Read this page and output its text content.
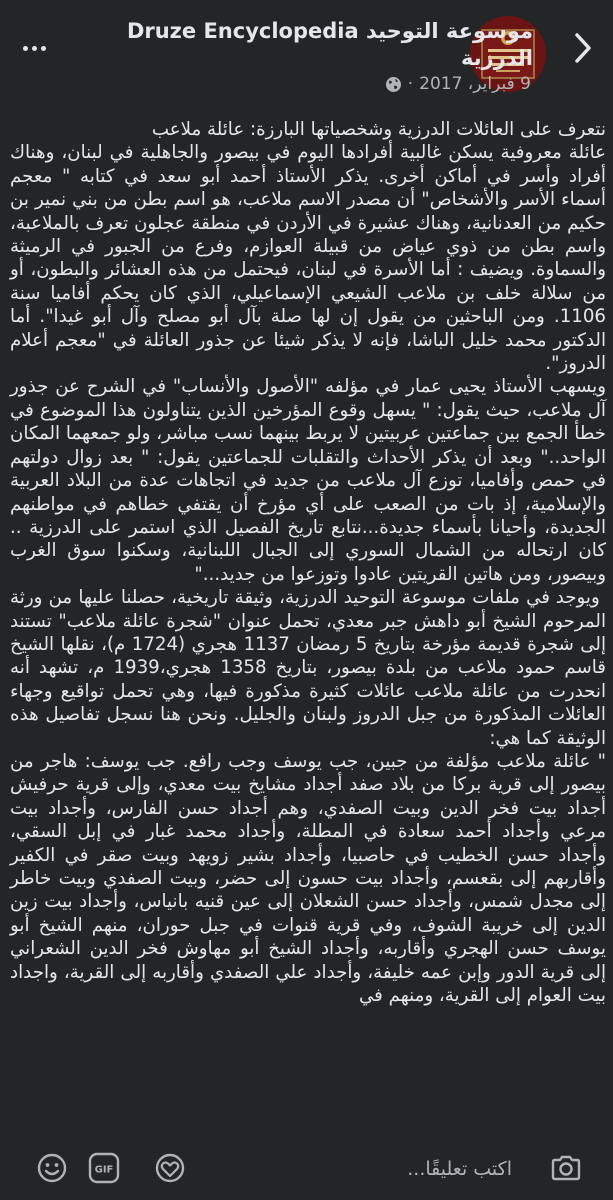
موسوعة التوحيد Druze Encyclopedia الدرزية
9 فبراير، 2017
·
نتعرف على العائلات الدرزية وشخصياتها البارزة: عائلة ملاعب
عائلة معروفية يسكن غالبية أفرادها اليوم في بيصور والجاهلية في لبنان، وهناك أفراد وأسر في أماكن أخرى. يذكر الأستاذ أحمد أبو سعد في كتابه " معجم أسماء الأسر والأشخاص" أن مصدر الاسم ملاعب، هو اسم بطن من بني نمير بن حكيم من العدنانية، وهناك عشيرة في الأردن في منطقة عجلون تعرف بالملاعبة، واسم بطن من ذوي عياض من قبيلة العوازم، وفرع من الجبور في الرميثة والسماوة. ويضيف : أما الأسرة في لبنان، فيحتمل من هذه العشائر والبطون، أو من سلالة خلف بن ملاعب الشيعي الإسماعيلي، الذي كان يحكم أفاميا سنة 1106. ومن الباحثين من يقول إن لها صلة بآل أبو مصلح وآل أبو غيدا". أما الدكتور محمد خليل الباشا، فإنه لا يذكر شيئا عن جذور العائلة في "معجم أعلام الدروز".
ويسهب الأستاذ يحيى عمار في مؤلفه "الأصول والأنساب" في الشرح عن جذور آل ملاعب، حيث يقول: " يسهل وقوع المؤرخين الذين يتناولون هذا الموضوع في خطأ الجمع بين جماعتين عربيتين لا يربط بينهما نسب مباشر، ولو جمعهما المكان الواحد.." وبعد أن يذكر الأحداث والتقلبات للجماعتين يقول: " بعد زوال دولتهم في حمص وأفاميا، توزع آل ملاعب من جديد في اتجاهات عدة من البلاد العربية والإسلامية، إذ بات من الصعب على أي مؤرخ أن يقتفي خطاهم في مواطنهم الجديدة، وأحيانا بأسماء جديدة...نتابع تاريخ الفصيل الذي استمر على الدرزية .. كان ارتحاله من الشمال السوري إلى الجبال اللبنانية، وسكنوا سوق الغرب وبيصور، ومن هاتين القريتين عادوا وتوزعوا من جديد..."
ويوجد في ملفات موسوعة التوحيد الدرزية، وثيقة تاريخية، حصلنا عليها من ورثة المرحوم الشيخ أبو داهش جبر معدي، تحمل عنوان "شجرة عائلة ملاعب" تستند إلى شجرة قديمة مؤرخة بتاريخ 5 رمضان 1137 هجري (1724 م)، نقلها الشيخ قاسم حمود ملاعب من بلدة بيصور، بتاريخ 1358 هجري،1939 م، تشهد أنه انحدرت من عائلة ملاعب عائلات كثيرة مذكورة فيها، وهي تحمل تواقيع وجهاء العائلات المذكورة من جبل الدروز ولبنان والجليل. ونحن هنا نسجل تفاصيل هذه الوثيقة كما هي:
" عائلة ملاعب مؤلفة من جبين، جب يوسف وجب رافع. جب يوسف: هاجر من بيصور إلى قرية بركا من بلاد صفد أجداد مشايخ بيت معدي، وإلى قرية حرفيش أجداد بيت فخر الدين وبيت الصفدي، وهم أجداد حسن الفارس، وأجداد بيت مرعي وأجداد أحمد سعادة في المطلة، وأجداد محمد غبار في إبل السقي، وأجداد حسن الخطيب في حاصبيا، وأجداد بشير زويهد وبيت صقر في الكفير وأقاربهم إلى بقعسم، وأجداد بيت حسون إلى حضر، وبيت الصفدي وبيت خاطر إلى مجدل شمس، وأجداد حسن الشعلان إلى عين قنيه بانياس، وأجداد بيت زين الدين إلى خريبة الشوف، وفي قرية قنوات في جبل حوران، منهم الشيخ أبو يوسف حسن الهجري وأقاربه، وأجداد الشيخ أبو مهاوش فخر الدين الشعراني إلى قرية الدور وإبن عمه خليفة، وأجداد علي الصفدي وأقاربه إلى القرية، واجداد بيت العوام إلى القرية، ومنهم في
اكتب تعليقًا...
GIF
